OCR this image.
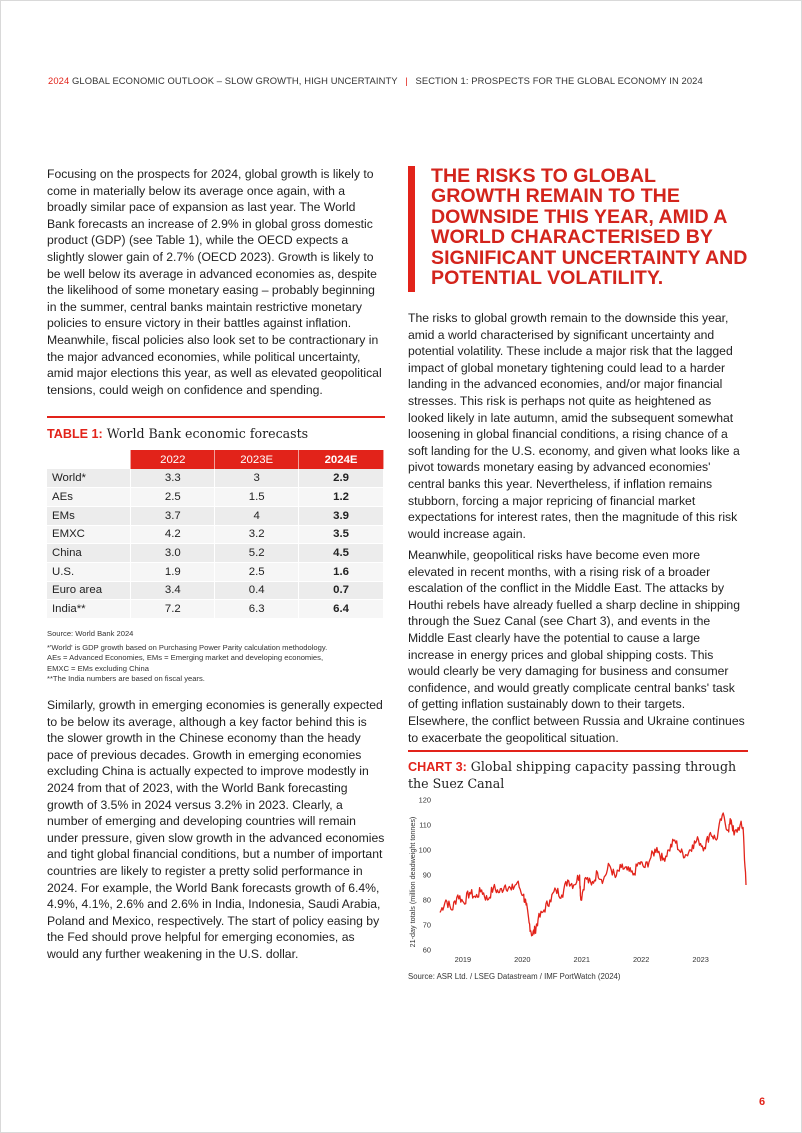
2024 GLOBAL ECONOMIC OUTLOOK – SLOW GROWTH, HIGH UNCERTAINTY | SECTION 1: PROSPECTS FOR THE GLOBAL ECONOMY IN 2024

Focusing on the prospects for 2024, global growth is likely to come in materially below its average once again, with a broadly similar pace of expansion as last year. The World Bank forecasts an increase of 2.9% in global gross domestic product (GDP) (see Table 1), while the OECD expects a slightly slower gain of 2.7% (OECD 2023). Growth is likely to be well below its average in advanced economies as, despite the likelihood of some monetary easing – probably beginning in the summer, central banks maintain restrictive monetary policies to ensure victory in their battles against inflation. Meanwhile, fiscal policies also look set to be contractionary in the major advanced economies, while political uncertainty, amid major elections this year, as well as elevated geopolitical tensions, could weigh on confidence and spending.

TABLE 1: World Bank economic forecasts
	2022	2023E	2024E
World*	3.3	3	2.9
AEs	2.5	1.5	1.2
EMs	3.7	4	3.9
EMXC	4.2	3.2	3.5
China	3.0	5.2	4.5
U.S.	1.9	2.5	1.6
Euro area	3.4	0.4	0.7
India**	7.2	6.3	6.4
Source: World Bank 2024
*'World' is GDP growth based on Purchasing Power Parity calculation methodology.
AEs = Advanced Economies, EMs = Emerging market and developing economies,
EMXC = EMs excluding China
**The India numbers are based on fiscal years.

Similarly, growth in emerging economies is generally expected to be below its average, although a key factor behind this is the slower growth in the Chinese economy than the heady pace of previous decades. Growth in emerging economies excluding China is actually expected to improve modestly in 2024 from that of 2023, with the World Bank forecasting growth of 3.5% in 2024 versus 3.2% in 2023. Clearly, a number of emerging and developing countries will remain under pressure, given slow growth in the advanced economies and tight global financial conditions, but a number of important countries are likely to register a pretty solid performance in 2024. For example, the World Bank forecasts growth of 6.4%, 4.9%, 4.1%, 2.6% and 2.6% in India, Indonesia, Saudi Arabia, Poland and Mexico, respectively. The start of policy easing by the Fed should prove helpful for emerging economies, as would any further weakening in the U.S. dollar.

THE RISKS TO GLOBAL GROWTH REMAIN TO THE DOWNSIDE THIS YEAR, AMID A WORLD CHARACTERISED BY SIGNIFICANT UNCERTAINTY AND POTENTIAL VOLATILITY.

The risks to global growth remain to the downside this year, amid a world characterised by significant uncertainty and potential volatility. These include a major risk that the lagged impact of global monetary tightening could lead to a harder landing in the advanced economies, and/or major financial stresses. This risk is perhaps not quite as heightened as looked likely in late autumn, amid the subsequent somewhat loosening in global financial conditions, a rising chance of a soft landing for the U.S. economy, and given what looks like a pivot towards monetary easing by advanced economies' central banks this year. Nevertheless, if inflation remains stubborn, forcing a major repricing of financial market expectations for interest rates, then the magnitude of this risk would increase again.

Meanwhile, geopolitical risks have become even more elevated in recent months, with a rising risk of a broader escalation of the conflict in the Middle East. The attacks by Houthi rebels have already fuelled a sharp decline in shipping through the Suez Canal (see Chart 3), and events in the Middle East clearly have the potential to cause a large increase in energy prices and global shipping costs. This would clearly be very damaging for business and consumer confidence, and would greatly complicate central banks' task of getting inflation sustainably down to their targets. Elsewhere, the conflict between Russia and Ukraine continues to exacerbate the geopolitical situation.

CHART 3: Global shipping capacity passing through the Suez Canal
120
110
100
90
80
70
60
2019	2020	2021	2022	2023
21-day totals (million deadweight tonnes)
Source: ASR Ltd. / LSEG Datastream / IMF PortWatch (2024)
6
